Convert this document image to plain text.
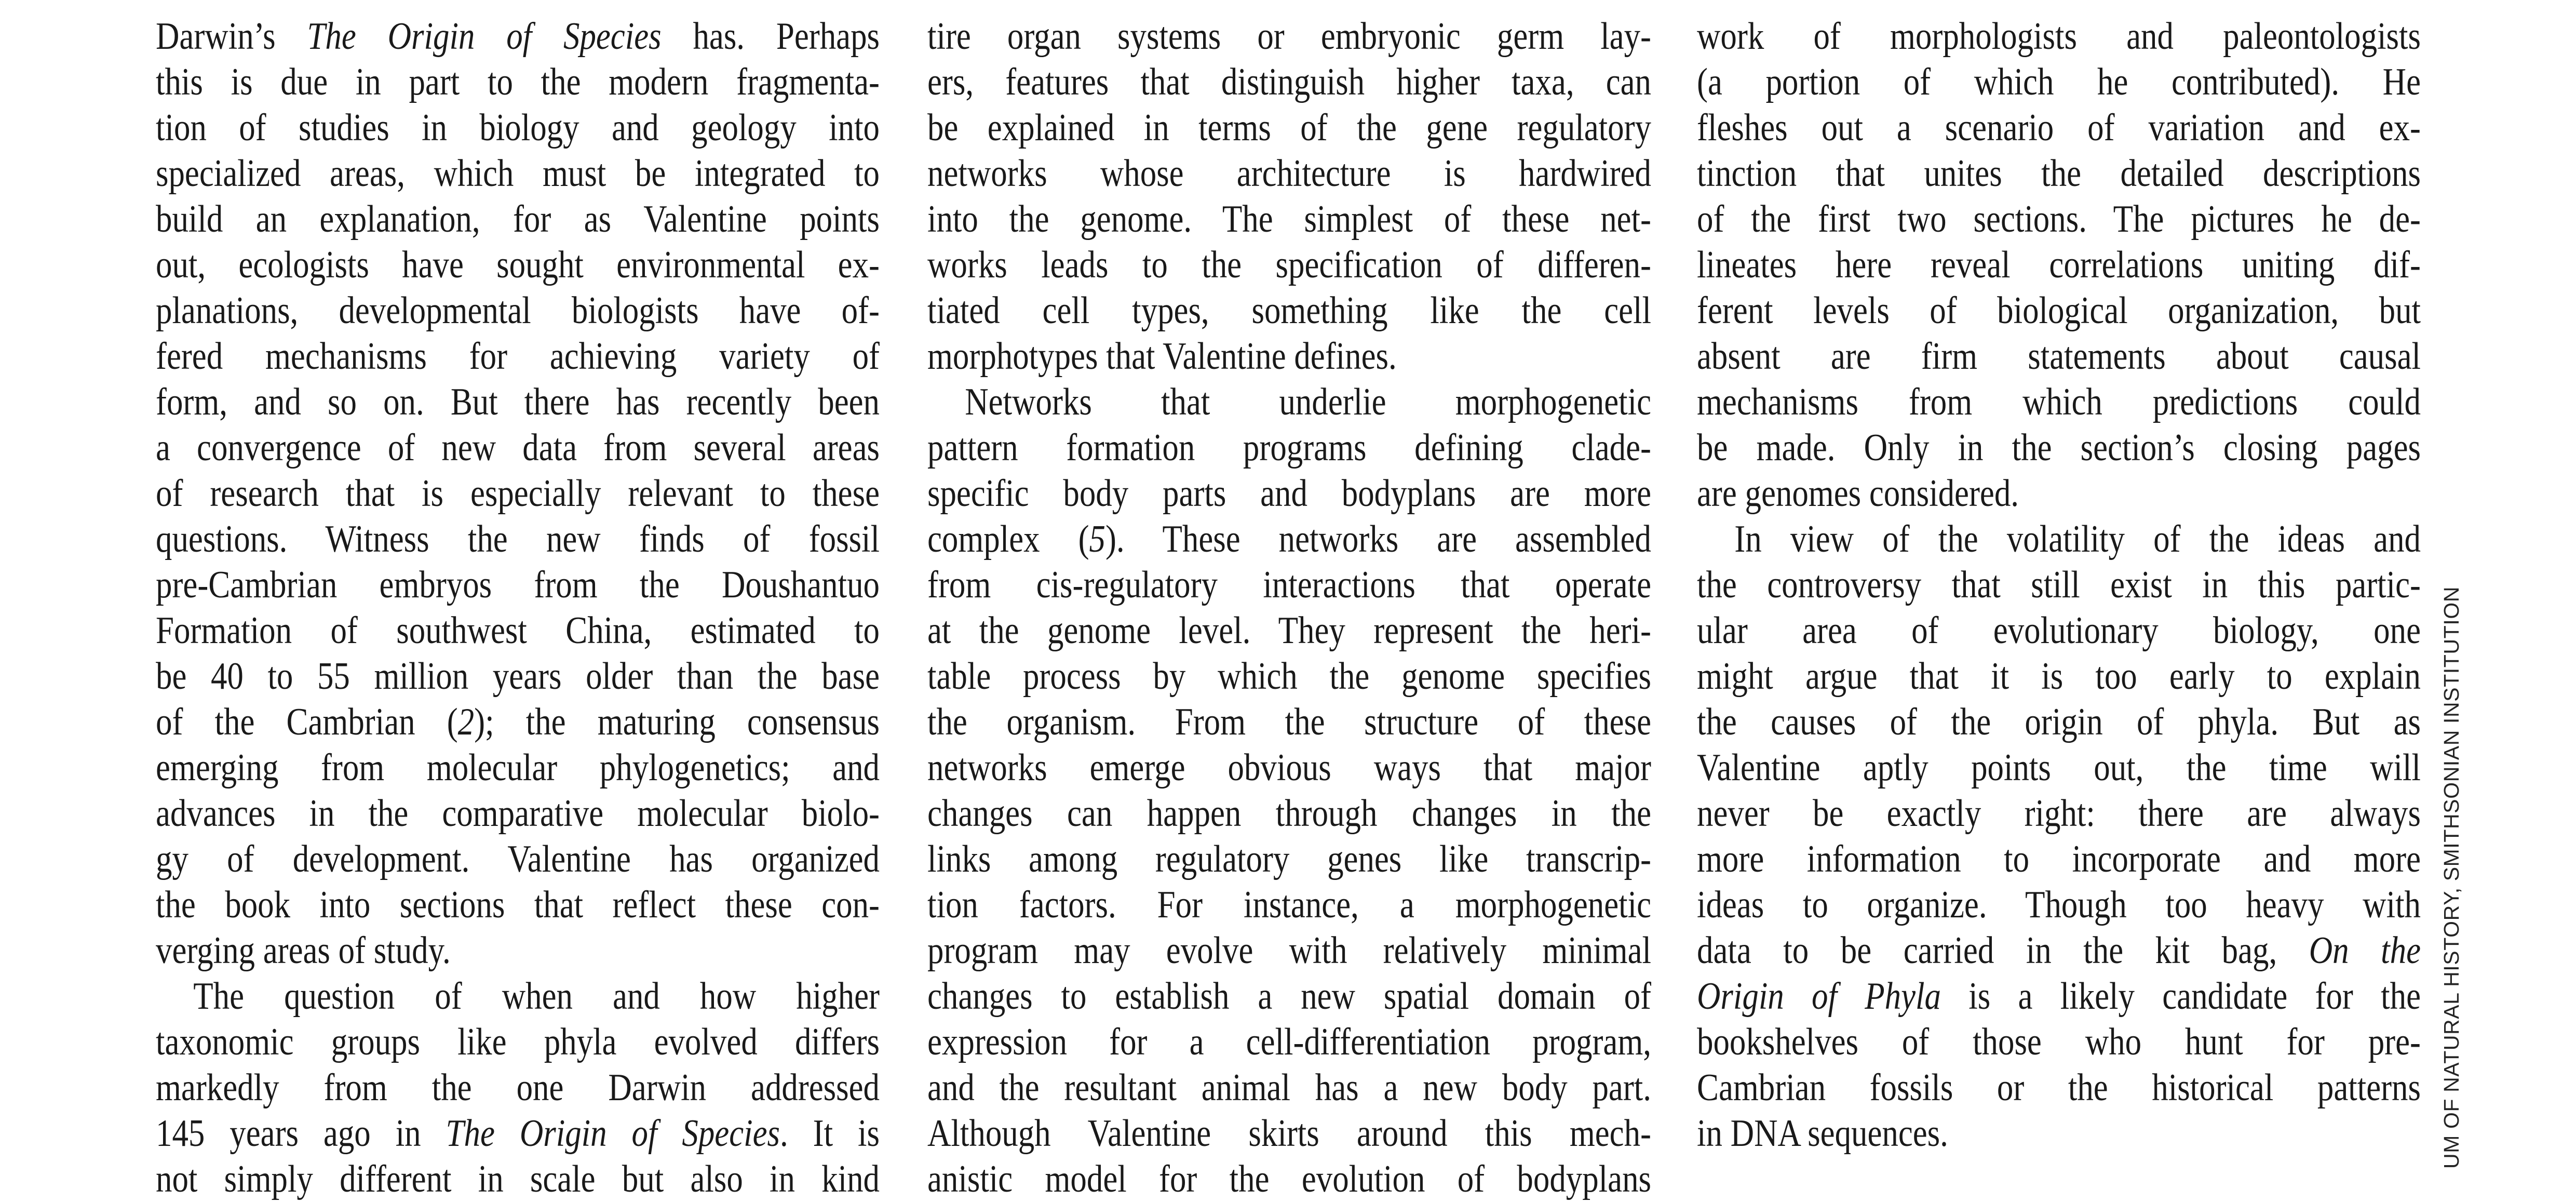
Darwin’s The Origin of Species has. Perhaps
this is due in part to the modern fragmenta-
tion of studies in biology and geology into
specialized areas, which must be integrated to
build an explanation, for as Valentine points
out, ecologists have sought environmental ex-
planations, developmental biologists have of-
fered mechanisms for achieving variety of
form, and so on. But there has recently been
a convergence of new data from several areas
of research that is especially relevant to these
questions. Witness the new finds of fossil
pre-Cambrian embryos from the Doushantuo
Formation of southwest China, estimated to
be 40 to 55 million years older than the base
of the Cambrian (2); the maturing consensus
emerging from molecular phylogenetics; and
advances in the comparative molecular biolo-
gy of development. Valentine has organized
the book into sections that reflect these con-
verging areas of study.
The question of when and how higher
taxonomic groups like phyla evolved differs
markedly from the one Darwin addressed
145 years ago in The Origin of Species. It is
not simply different in scale but also in kind
tire organ systems or embryonic germ lay-
ers, features that distinguish higher taxa, can
be explained in terms of the gene regulatory
networks whose architecture is hardwired
into the genome. The simplest of these net-
works leads to the specification of differen-
tiated cell types, something like the cell
morphotypes that Valentine defines.
Networks that underlie morphogenetic
pattern formation programs defining clade-
specific body parts and bodyplans are more
complex (5). These networks are assembled
from cis-regulatory interactions that operate
at the genome level. They represent the heri-
table process by which the genome specifies
the organism. From the structure of these
networks emerge obvious ways that major
changes can happen through changes in the
links among regulatory genes like transcrip-
tion factors. For instance, a morphogenetic
program may evolve with relatively minimal
changes to establish a new spatial domain of
expression for a cell-differentiation program,
and the resultant animal has a new body part.
Although Valentine skirts around this mech-
anistic model for the evolution of bodyplans
work of morphologists and paleontologists
(a portion of which he contributed). He
fleshes out a scenario of variation and ex-
tinction that unites the detailed descriptions
of the first two sections. The pictures he de-
lineates here reveal correlations uniting dif-
ferent levels of biological organization, but
absent are firm statements about causal
mechanisms from which predictions could
be made. Only in the section’s closing pages
are genomes considered.
In view of the volatility of the ideas and
the controversy that still exist in this partic-
ular area of evolutionary biology, one
might argue that it is too early to explain
the causes of the origin of phyla. But as
Valentine aptly points out, the time will
never be exactly right: there are always
more information to incorporate and more
ideas to organize. Though too heavy with
data to be carried in the kit bag, On the
Origin of Phyla is a likely candidate for the
bookshelves of those who hunt for pre-
Cambrian fossils or the historical patterns
in DNA sequences.	UM OF NATURAL HISTORY, SMITHSONIAN INSTITUTION
